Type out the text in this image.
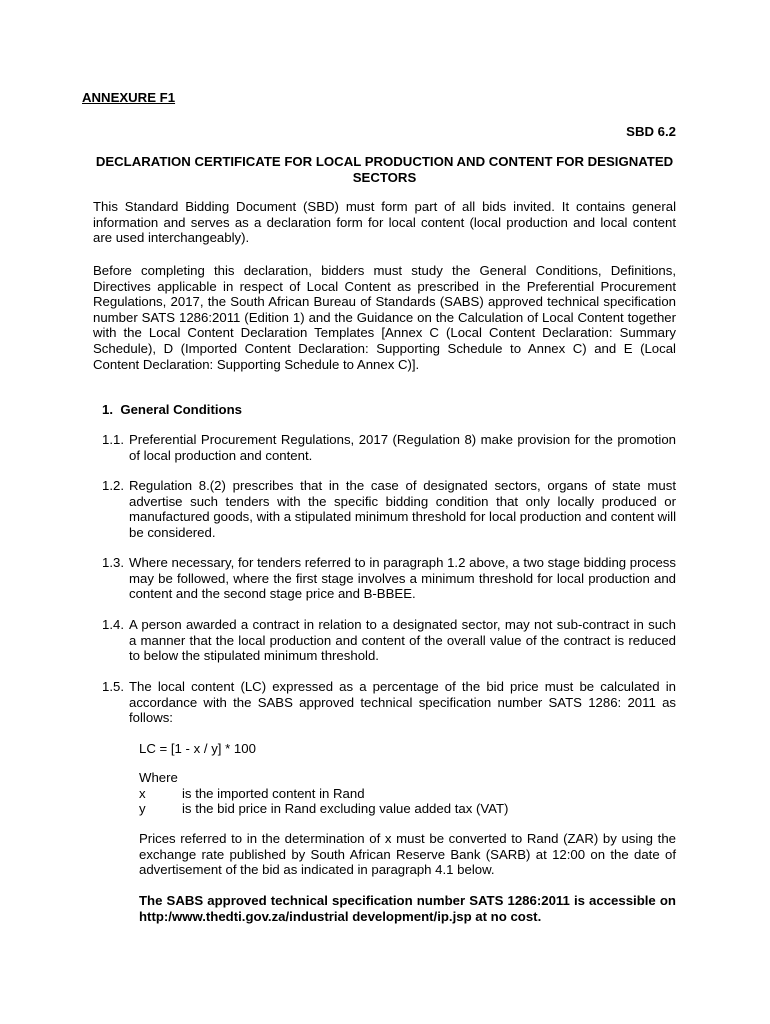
ANNEXURE F1

SBD 6.2

DECLARATION CERTIFICATE FOR LOCAL PRODUCTION AND CONTENT FOR DESIGNATED SECTORS

This Standard Bidding Document (SBD) must form part of all bids invited. It contains general information and serves as a declaration form for local content (local production and local content are used interchangeably).

Before completing this declaration, bidders must study the General Conditions, Definitions, Directives applicable in respect of Local Content as prescribed in the Preferential Procurement Regulations, 2017, the South African Bureau of Standards (SABS) approved technical specification number SATS 1286:2011 (Edition 1) and the Guidance on the Calculation of Local Content together with the Local Content Declaration Templates [Annex C (Local Content Declaration: Summary Schedule), D (Imported Content Declaration: Supporting Schedule to Annex C) and E (Local Content Declaration: Supporting Schedule to Annex C)].

1. General Conditions

1.1. Preferential Procurement Regulations, 2017 (Regulation 8) make provision for the promotion of local production and content.
1.2. Regulation 8.(2) prescribes that in the case of designated sectors, organs of state must advertise such tenders with the specific bidding condition that only locally produced or manufactured goods, with a stipulated minimum threshold for local production and content will be considered.
1.3. Where necessary, for tenders referred to in paragraph 1.2 above, a two stage bidding process may be followed, where the first stage involves a minimum threshold for local production and content and the second stage price and B-BBEE.
1.4. A person awarded a contract in relation to a designated sector, may not sub-contract in such a manner that the local production and content of the overall value of the contract is reduced to below the stipulated minimum threshold.
1.5. The local content (LC) expressed as a percentage of the bid price must be calculated in accordance with the SABS approved technical specification number SATS 1286: 2011 as follows:

LC = [1 - x / y] * 100

Where

x	is the imported content in Rand
y	is the bid price in Rand excluding value added tax (VAT)

Prices referred to in the determination of x must be converted to Rand (ZAR) by using the exchange rate published by South African Reserve Bank (SARB) at 12:00 on the date of advertisement of the bid as indicated in paragraph 4.1 below.

The SABS approved technical specification number SATS 1286:2011 is accessible on http:/www.thedti.gov.za/industrial development/ip.jsp at no cost.
